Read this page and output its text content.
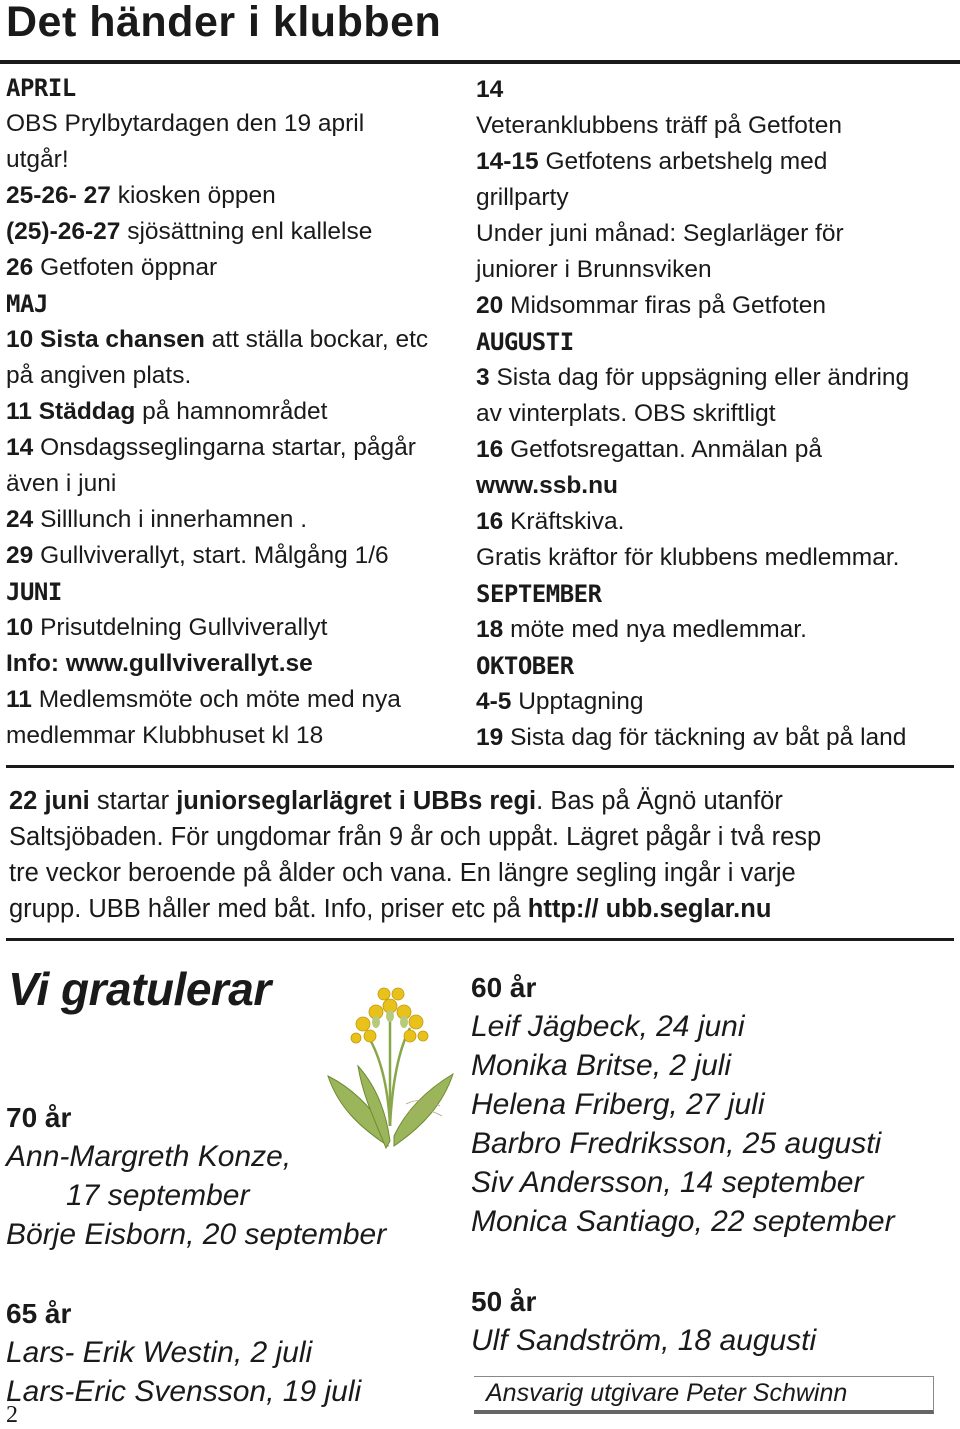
Det händer i klubben
APRIL
OBS Prylbytardagen den 19 april
utgår!
25-26- 27 kiosken öppen
(25)-26-27 sjösättning enl kallelse
26 Getfoten öppnar
MAJ
10 Sista chansen att ställa bockar, etc
på angiven plats.
11 Städdag på hamnområdet
14 Onsdagsseglingarna startar, pågår
även i juni
24 Silllunch i innerhamnen .
29 Gullviverallyt, start. Målgång 1/6
JUNI
10 Prisutdelning Gullviverallyt
Info: www.gullviverallyt.se
11 Medlemsmöte och möte med nya
medlemmar Klubbhuset kl 18
14
Veteranklubbens träff på Getfoten
14-15 Getfotens arbetshelg med
grillparty
Under juni månad: Seglarläger för
juniorer i Brunnsviken
20 Midsommar firas på Getfoten
AUGUSTI
3 Sista dag för uppsägning eller ändring
av vinterplats. OBS skriftligt
16 Getfotsregattan. Anmälan på
www.ssb.nu
16 Kräftskiva.
Gratis kräftor för klubbens medlemmar.
SEPTEMBER
18 möte med nya medlemmar.
OKTOBER
4-5 Upptagning
19 Sista dag för täckning av båt på land
22 juni startar juniorseglarlägret i UBBs regi. Bas på Ägnö utanför
Saltsjöbaden. För ungdomar från 9 år och uppåt. Lägret pågår i två resp
tre veckor beroende på ålder och vana. En längre segling ingår i varje
grupp. UBB håller med båt. Info, priser etc på http:// ubb.seglar.nu
Vi gratulerar
70 år
Ann-Margreth Konze,
17 september
Börje Eisborn, 20 september
65 år
Lars- Erik Westin, 2 juli
Lars-Eric Svensson, 19 juli
60 år
Leif Jägbeck, 24 juni
Monika Britse, 2 juli
Helena Friberg, 27 juli
Barbro Fredriksson, 25 augusti
Siv Andersson, 14 september
Monica Santiago, 22 september
50 år
Ulf Sandström, 18 augusti
Ansvarig utgivare Peter Schwinn
2
